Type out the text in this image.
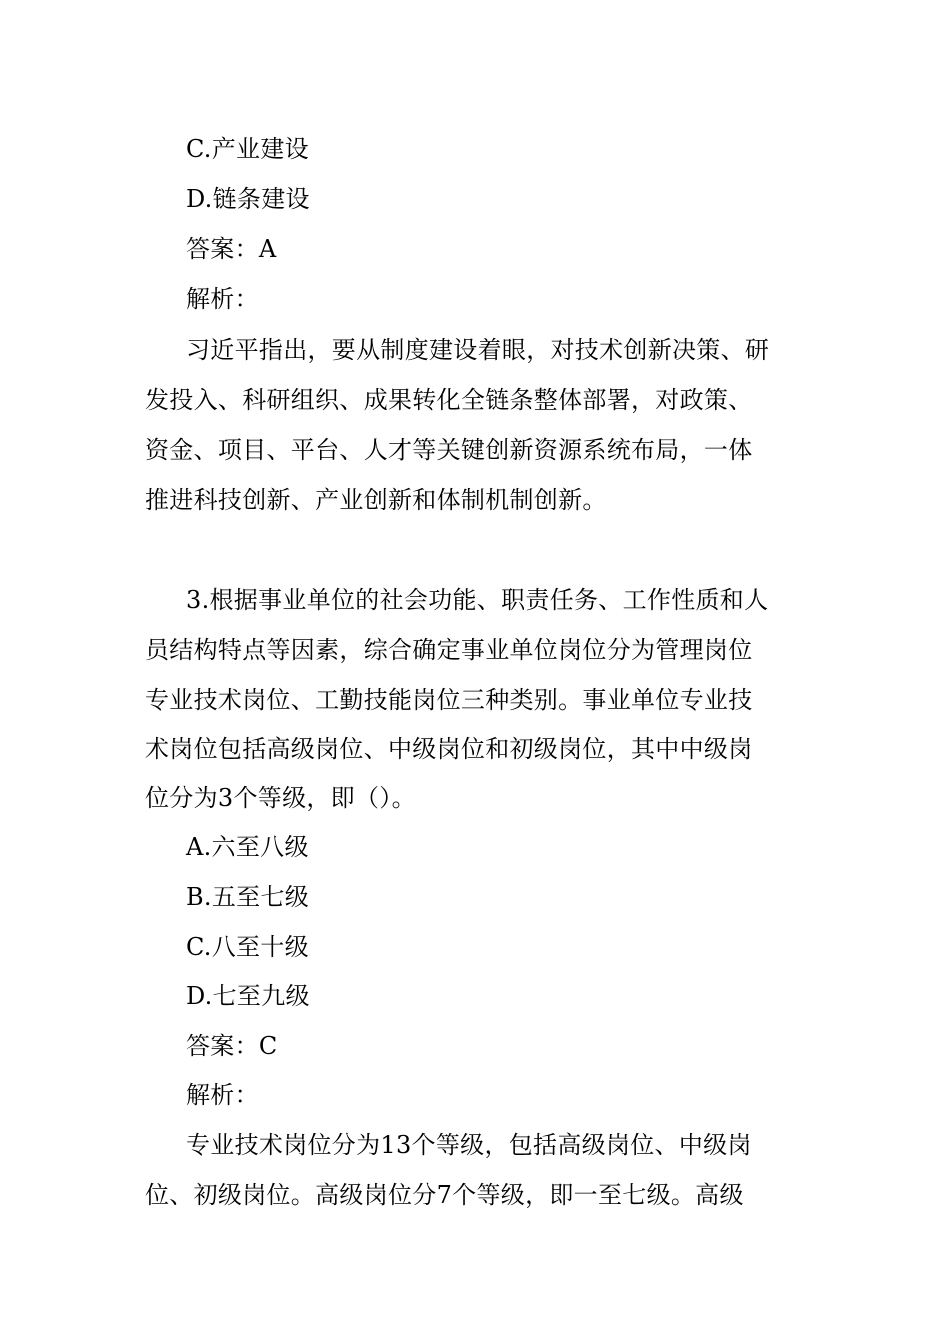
C.产业建设
D.链条建设
答案：A
解析：
习近平指出，要从制度建设着眼，对技术创新决策、研
发投入、科研组织、成果转化全链条整体部署，对政策、
资金、项目、平台、人才等关键创新资源系统布局，一体
推进科技创新、产业创新和体制机制创新。
3.根据事业单位的社会功能、职责任务、工作性质和人
员结构特点等因素，综合确定事业单位岗位分为管理岗位
专业技术岗位、工勤技能岗位三种类别。事业单位专业技
术岗位包括高级岗位、中级岗位和初级岗位，其中中级岗
位分为3个等级，即（）。
A.六至八级
B.五至七级
C.八至十级
D.七至九级
答案：C
解析：
专业技术岗位分为13个等级，包括高级岗位、中级岗
位、初级岗位。高级岗位分7个等级，即一至七级。高级
